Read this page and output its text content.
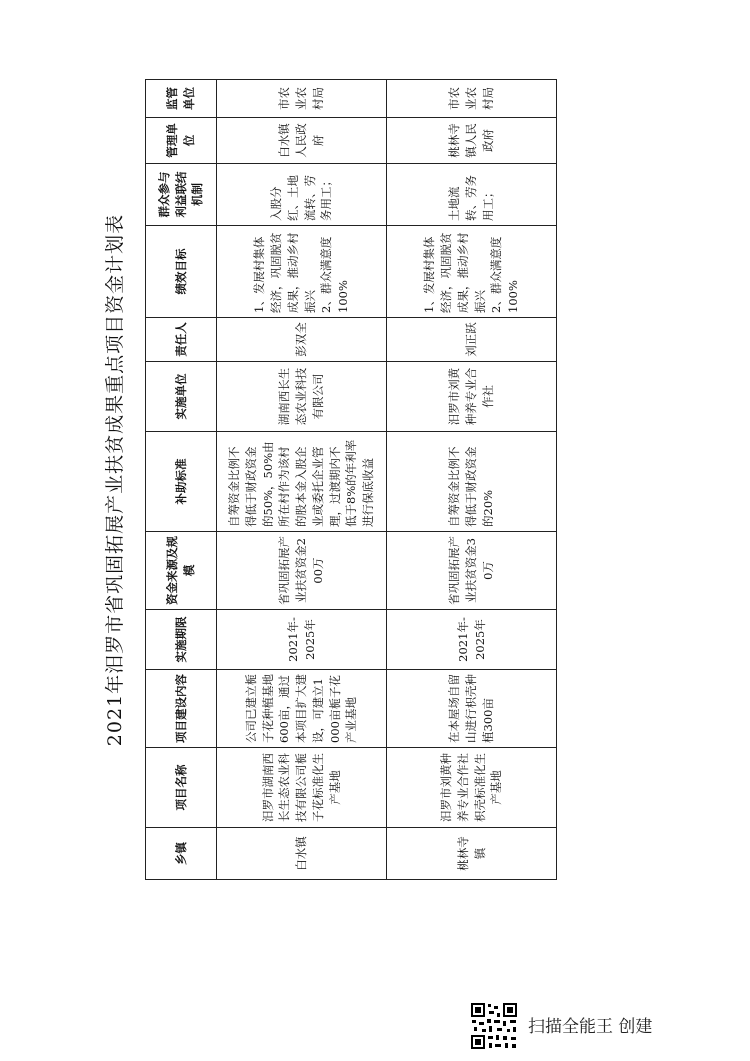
2021年汨罗市省巩固拓展产业扶贫成果重点项目资金计划表
乡镇	项目名称	项目建设内容	实施期限	资金来源及规模	补助标准	实施单位	责任人	绩效目标	群众参与利益联结机制	管理单位	监管单位
白水镇	汨罗市湖南西长生态农业科技有限公司栀子花标准化生产基地	公司已建立栀子花种植基地600亩，通过本项目扩大建设，可建立1000亩栀子花产业基地	2021年-2025年	省巩固拓展产业扶贫资金200万	自筹资金比例不得低于财政资金的50%，50%由所在村作为该村的股本金入股企业或委托企业管理，过渡期内不低于8%的年利率进行保底收益	湖南西长生态农业科技有限公司	彭双全	1、发展村集体经济，巩固脱贫成果，推动乡村振兴 2、群众满意度100%	入股分红、土地流转、劳务用工；	白水镇人民政府	市农业农村局
桃林寺镇	汨罗市刘黄种养专业合作社枳壳标准化生产基地	在本屋场自留山进行枳壳种植300亩	2021年-2025年	省巩固拓展产业扶贫资金30万	自筹资金比例不得低于财政资金的20%	汨罗市刘黄种养专业合作社	刘正跃	1、发展村集体经济，巩固脱贫成果，推动乡村振兴 2、群众满意度100%	土地流转、劳务用工；	桃林寺镇人民政府	市农业农村局
扫描全能王 创建
